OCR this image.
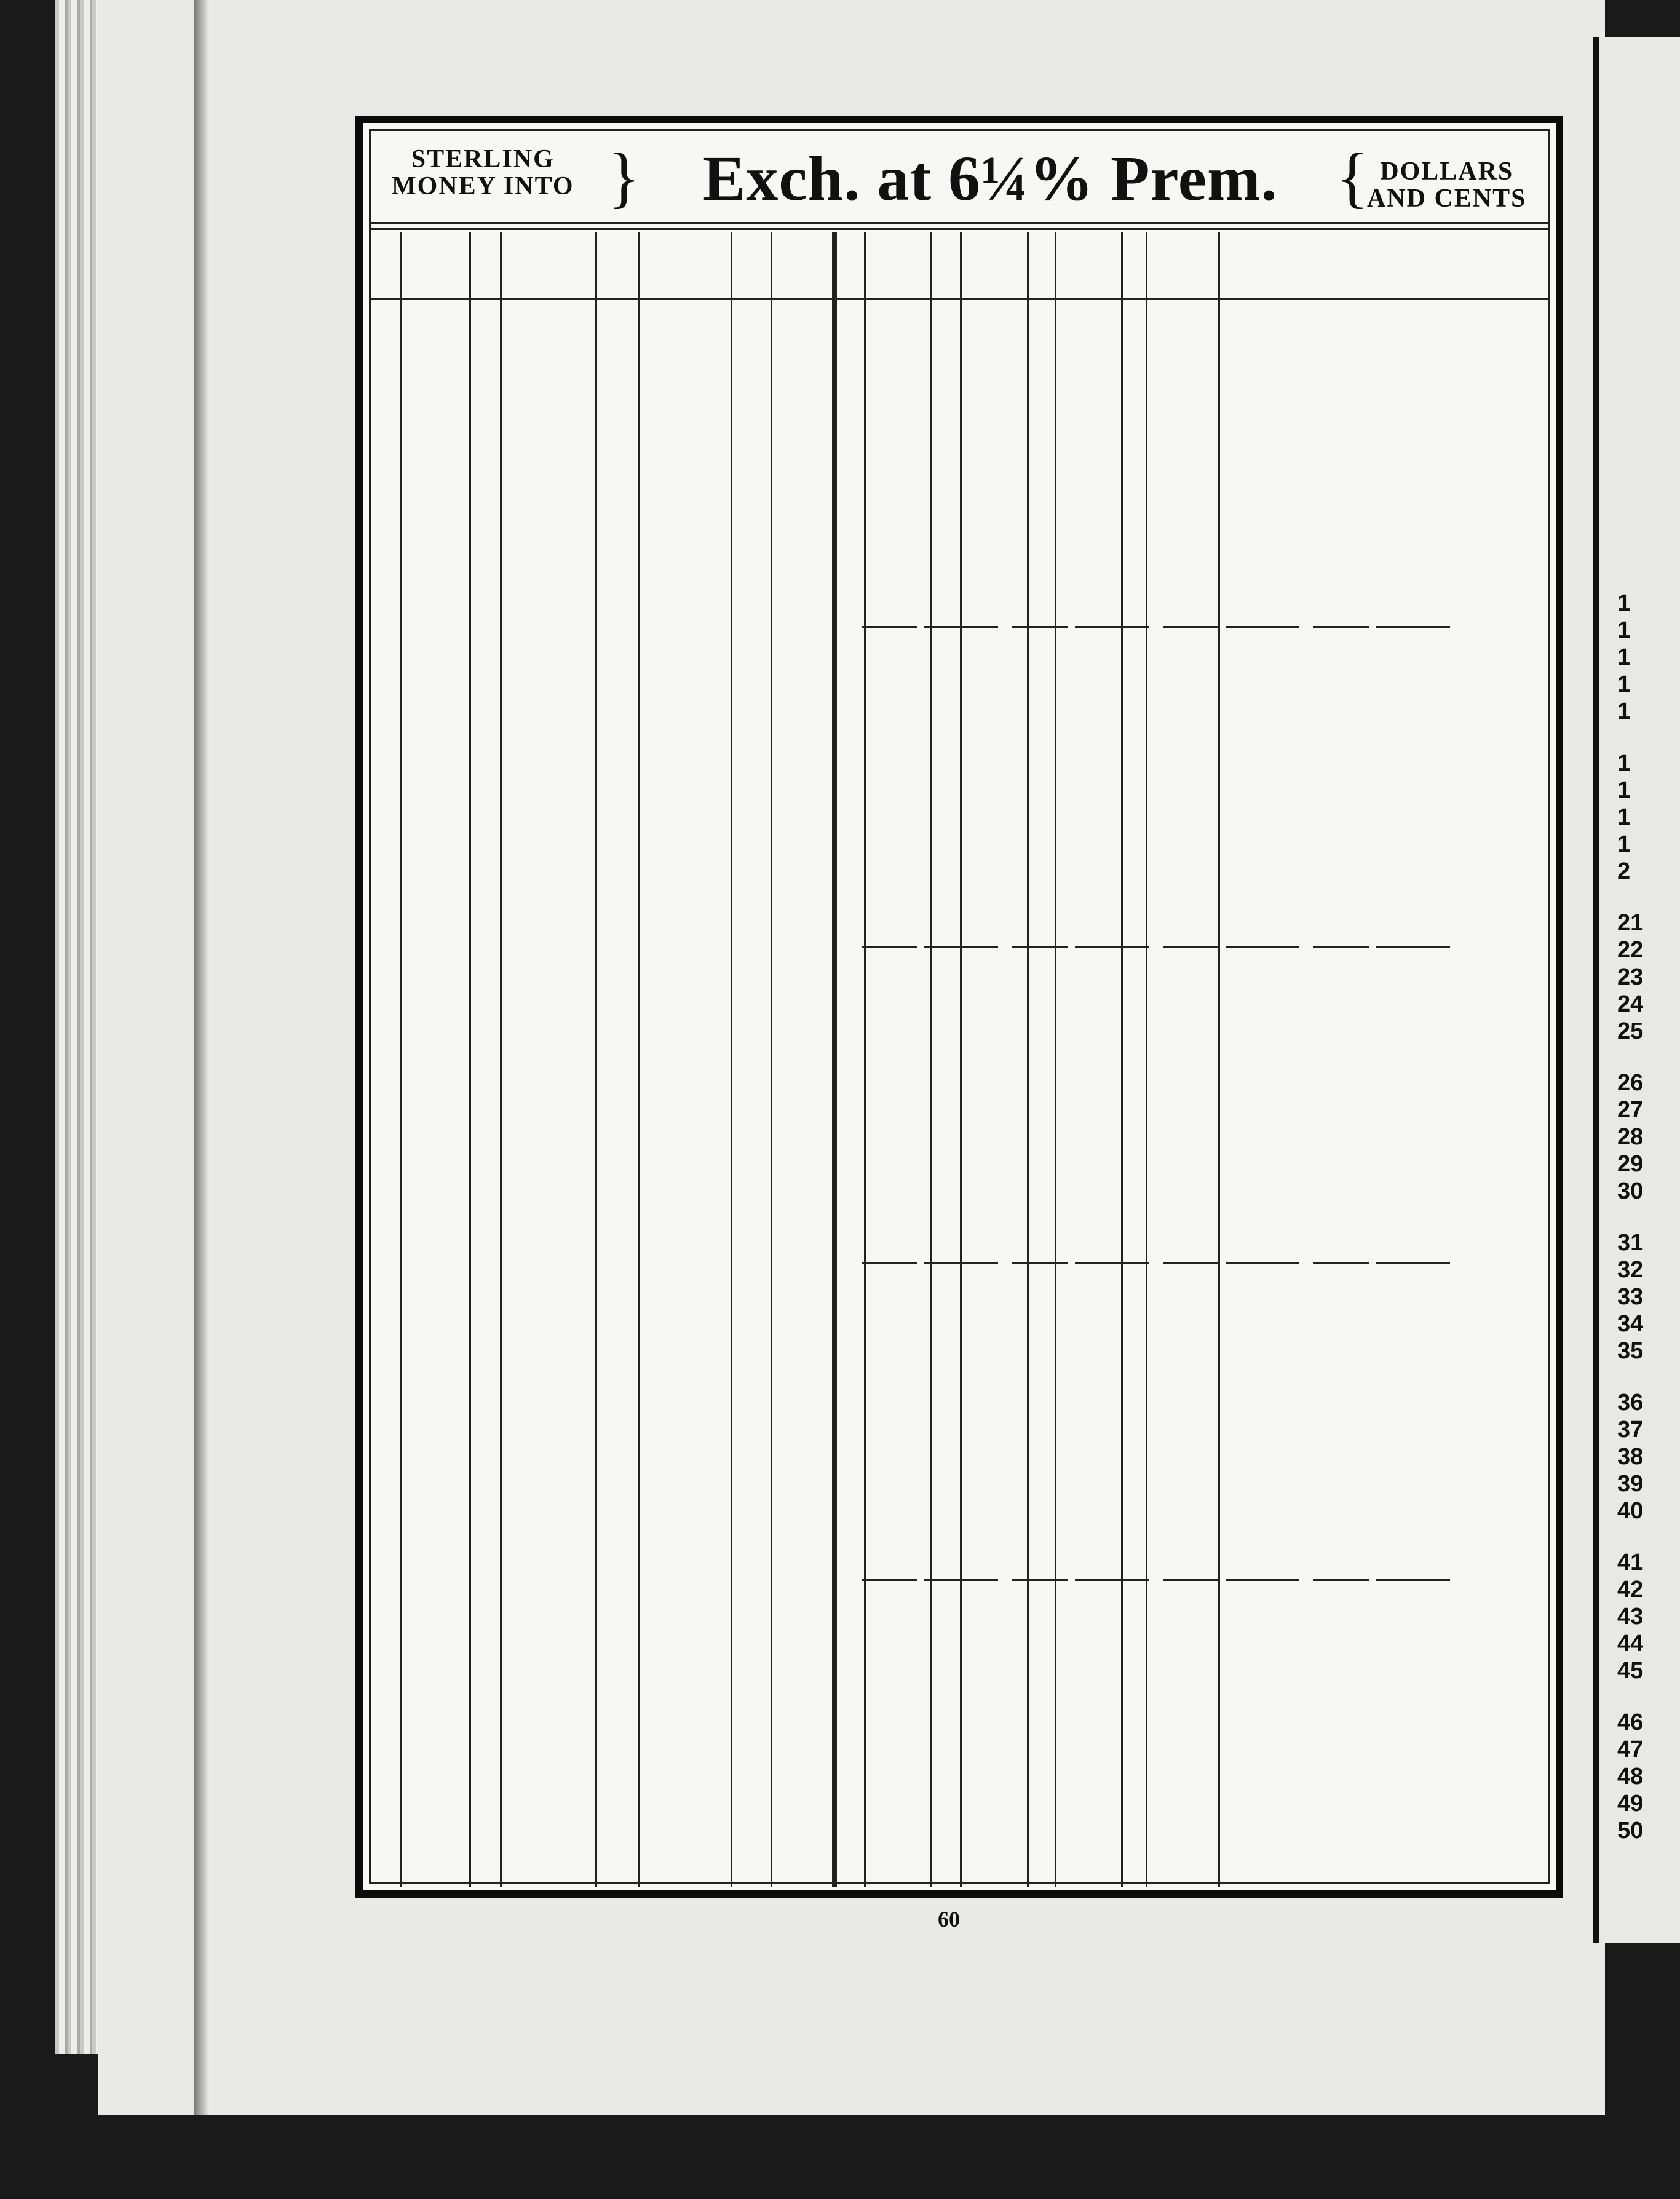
1
1
1
1
1
1
1
1
1
2
21
22
23
24
25
26
27
28
29
30
31
32
33
34
35
36
37
38
39
40
41
42
43
44
45
46
47
48
49
50
STERLING
MONEY INTO } Exch. at 6¼% Prem. { DOLLARS
AND CENTS
60
